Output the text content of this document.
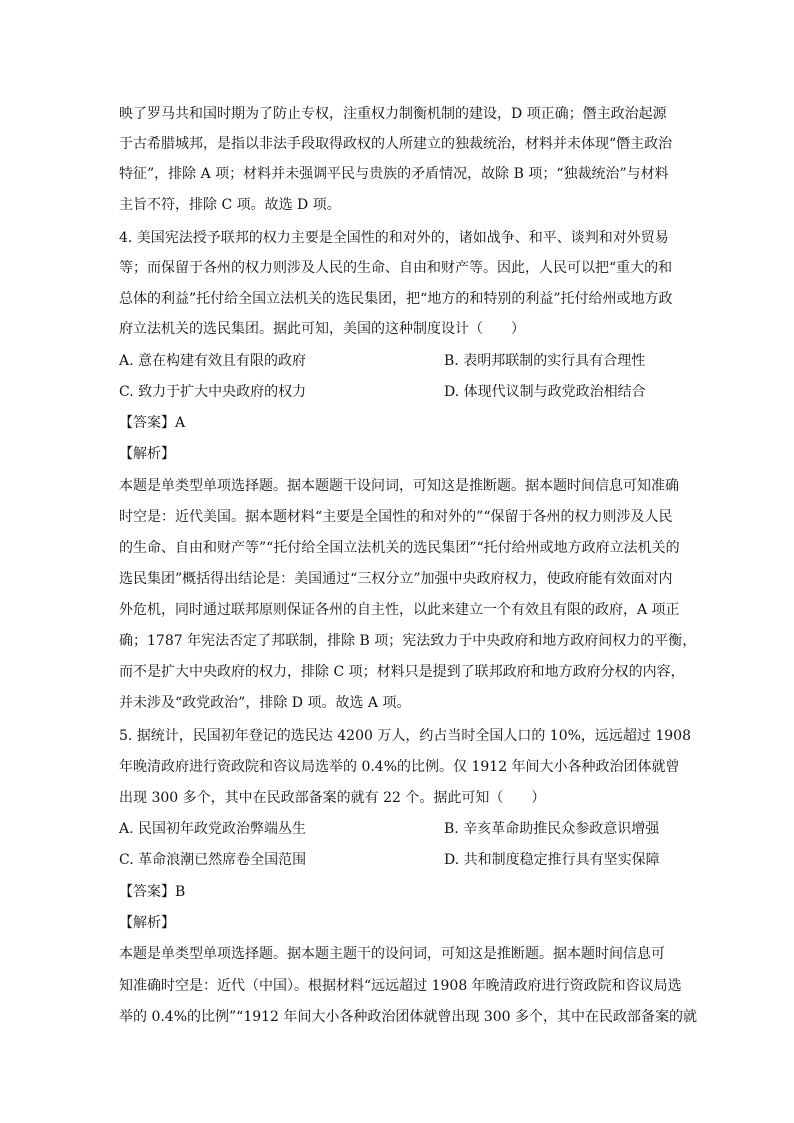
映了罗马共和国时期为了防止专权，注重权力制衡机制的建设，D 项正确；僭主政治起源
于古希腊城邦，是指以非法手段取得政权的人所建立的独裁统治，材料并未体现“僭主政治
特征”，排除 A 项；材料并未强调平民与贵族的矛盾情况，故除 B 项；“独裁统治”与材料
主旨不符，排除 C 项。故选 D 项。
4. 美国宪法授予联邦的权力主要是全国性的和对外的，诸如战争、和平、谈判和对外贸易
等；而保留于各州的权力则涉及人民的生命、自由和财产等。因此，人民可以把“重大的和
总体的利益”托付给全国立法机关的选民集团，把“地方的和特别的利益”托付给州或地方政
府立法机关的选民集团。据此可知，美国的这种制度设计（　　）
A. 意在构建有效且有限的政府	B. 表明邦联制的实行具有合理性
C. 致力于扩大中央政府的权力	D. 体现代议制与政党政治相结合
【答案】A
【解析】
本题是单类型单项选择题。据本题题干设问词，可知这是推断题。据本题时间信息可知准确
时空是：近代美国。据本题材料“主要是全国性的和对外的”“保留于各州的权力则涉及人民
的生命、自由和财产等”“托付给全国立法机关的选民集团”“托付给州或地方政府立法机关的
选民集团”概括得出结论是：美国通过“三权分立”加强中央政府权力，使政府能有效面对内
外危机，同时通过联邦原则保证各州的自主性，以此来建立一个有效且有限的政府，A 项正
确；1787 年宪法否定了邦联制，排除 B 项；宪法致力于中央政府和地方政府间权力的平衡，
而不是扩大中央政府的权力，排除 C 项；材料只是提到了联邦政府和地方政府分权的内容，
并未涉及“政党政治”，排除 D 项。故选 A 项。
5. 据统计，民国初年登记的选民达 4200 万人，约占当时全国人口的 10%，远远超过 1908
年晚清政府进行资政院和咨议局选举的 0.4%的比例。仅 1912 年间大小各种政治团体就曾
出现 300 多个，其中在民政部备案的就有 22 个。据此可知（　　）
A. 民国初年政党政治弊端丛生	B. 辛亥革命助推民众参政意识增强
C. 革命浪潮已然席卷全国范围	D. 共和制度稳定推行具有坚实保障
【答案】B
【解析】
本题是单类型单项选择题。据本题主题干的设问词，可知这是推断题。据本题时间信息可
知准确时空是：近代（中国）。根据材料“远远超过 1908 年晚清政府进行资政院和咨议局选
举的 0.4%的比例”“1912 年间大小各种政治团体就曾出现 300 多个，其中在民政部备案的就
